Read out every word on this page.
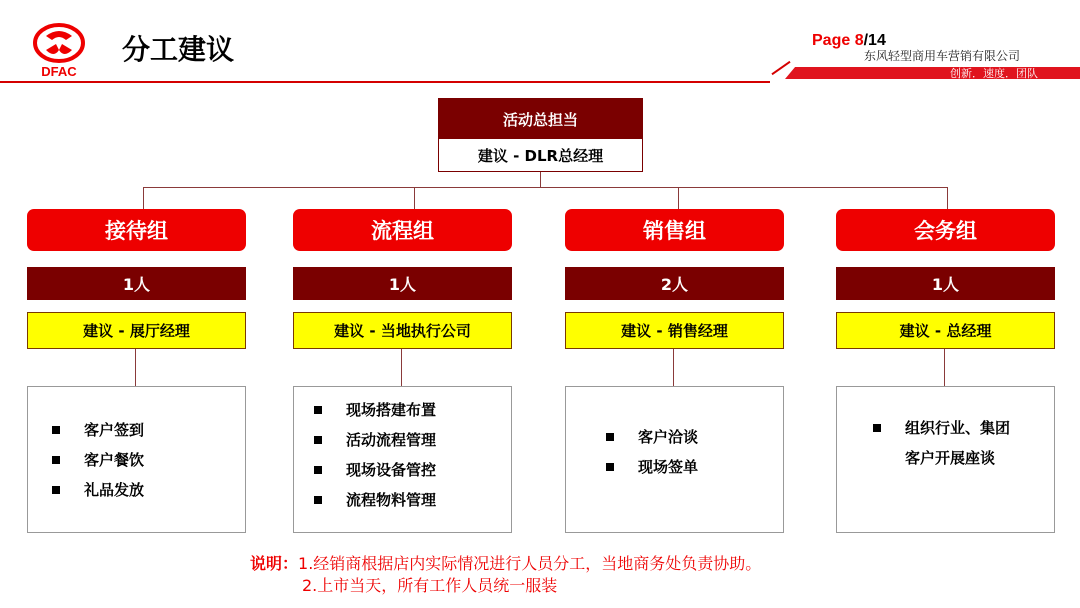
DFAC
分工建议	Page 8/14
东风轻型商用车营销有限公司
创新．速度．团队
活动总担当
建议 - DLR总经理
接待组
1人
建议 - 展厅经理
客户签到
客户餐饮
礼品发放
流程组
1人
建议 - 当地执行公司
现场搭建布置
活动流程管理
现场设备管控
流程物料管理
销售组
2人
建议 - 销售经理
客户洽谈
现场签单
会务组
1人
建议 - 总经理
组织行业、集团
客户开展座谈
说明：1.经销商根据店内实际情况进行人员分工，当地商务处负责协助。
2.上市当天，所有工作人员统一服装
